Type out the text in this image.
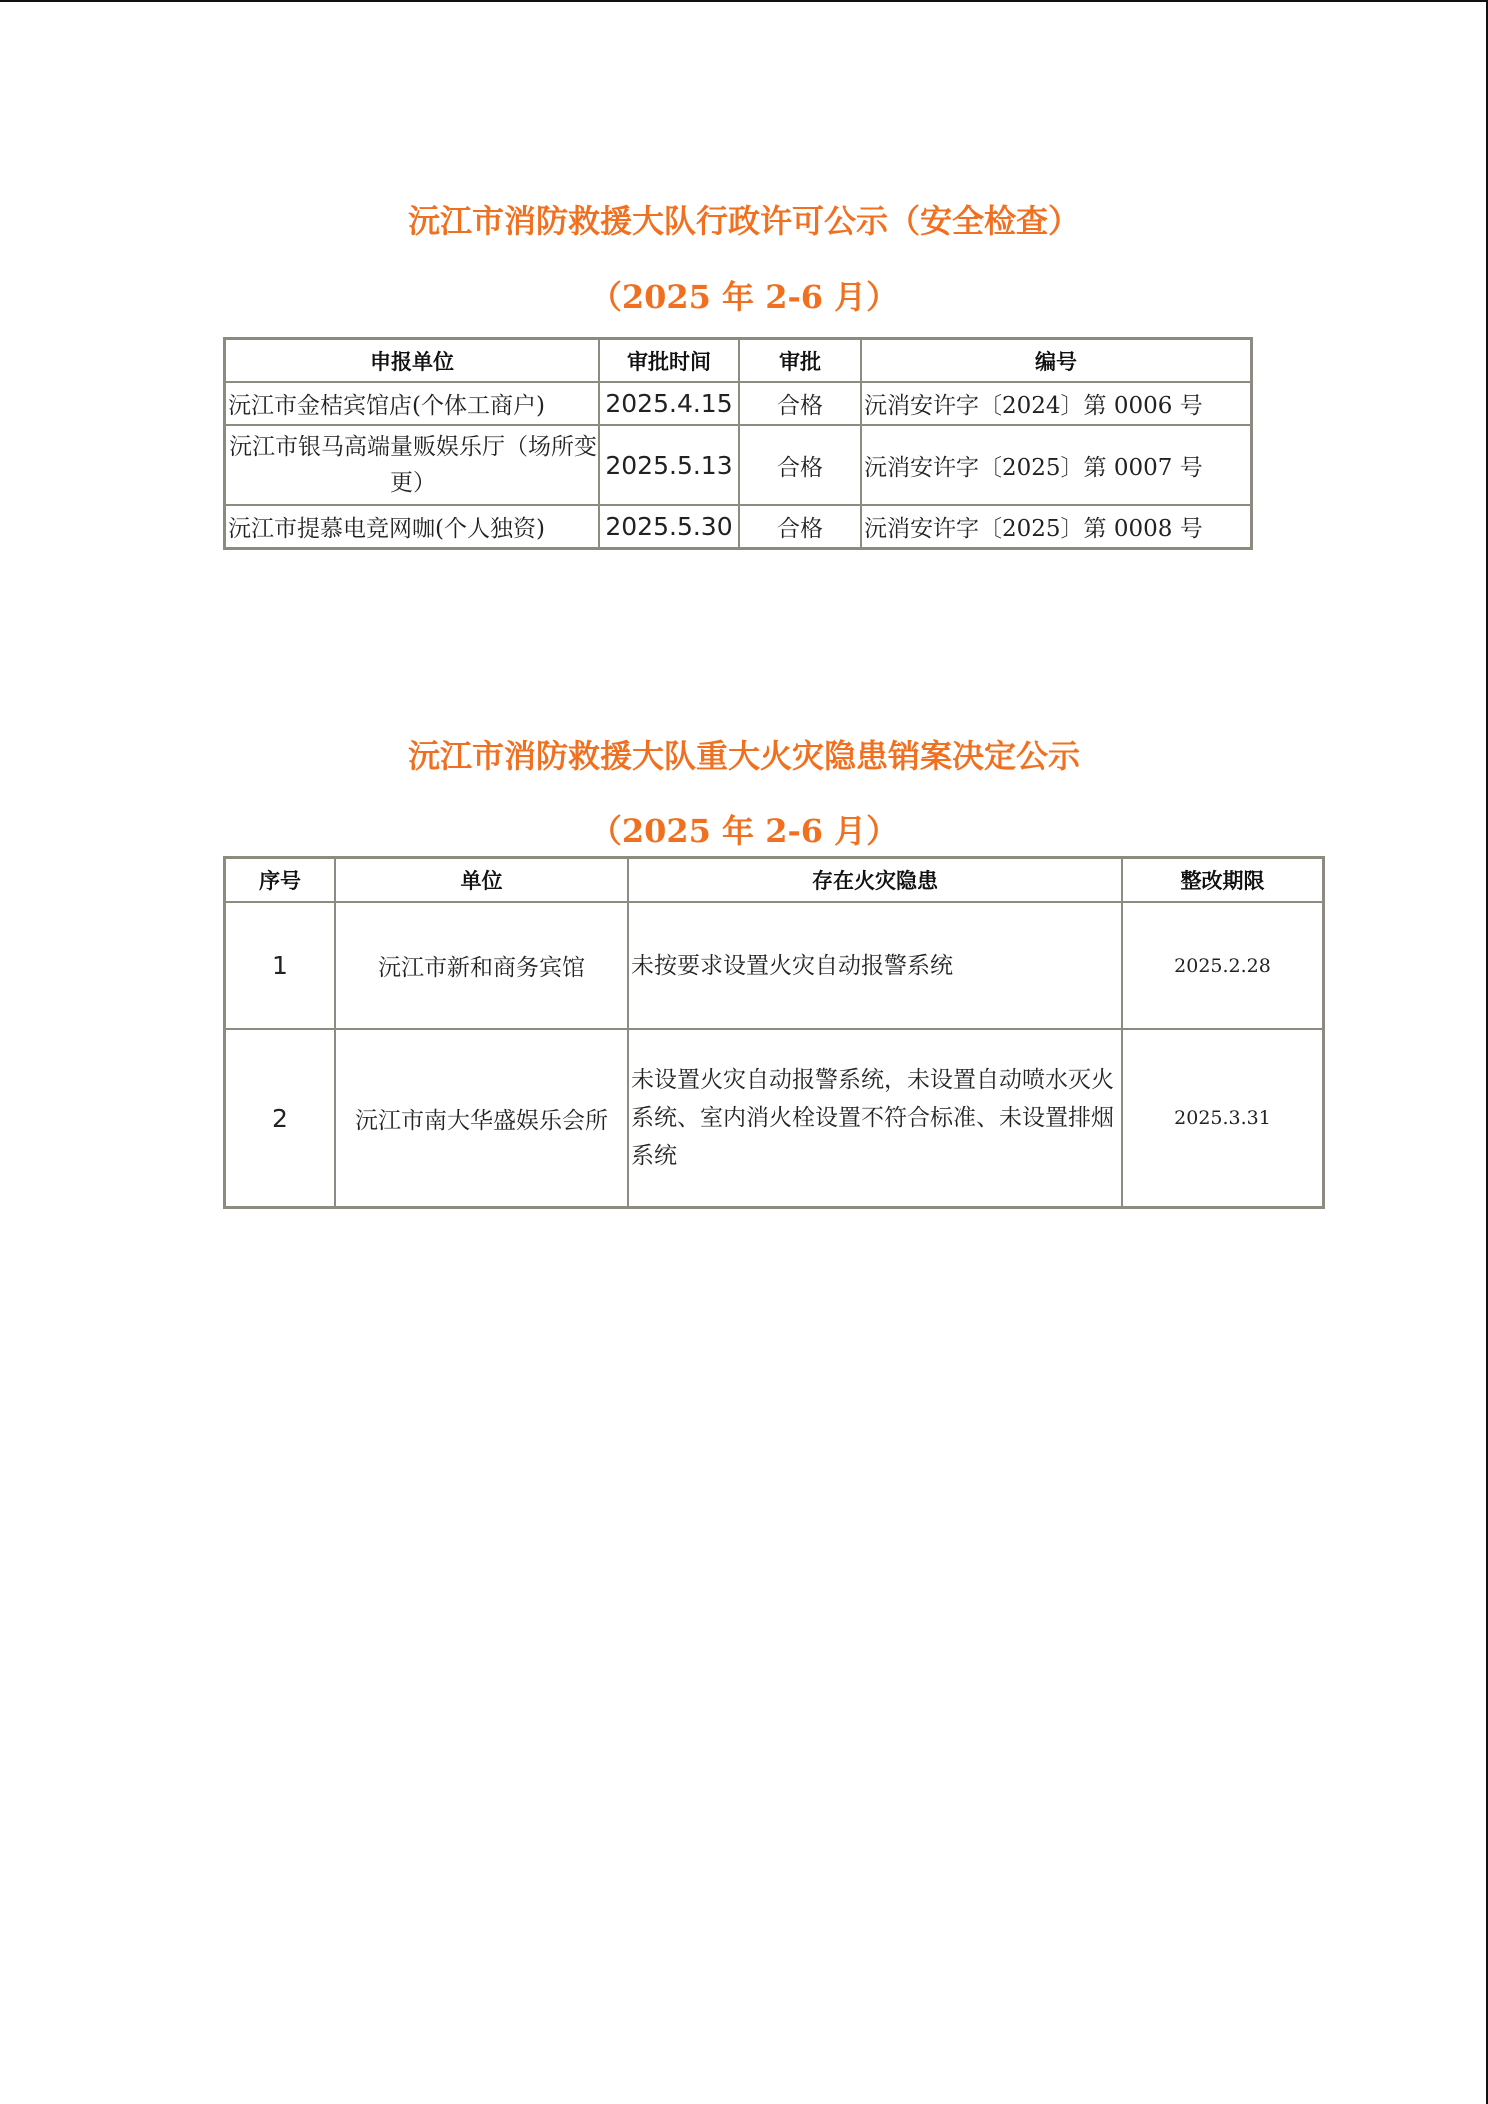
沅江市消防救援大队行政许可公示（安全检查）
（2025 年 2-6 月）
申报单位	审批时间	审批	编号
沅江市金桔宾馆店(个体工商户)	2025.4.15	合格	沅消安许字〔2024〕第 0006 号
沅江市银马高端量贩娱乐厅（场所变更）	2025.5.13	合格	沅消安许字〔2025〕第 0007 号
沅江市提慕电竞网咖(个人独资)	2025.5.30	合格	沅消安许字〔2025〕第 0008 号
沅江市消防救援大队重大火灾隐患销案决定公示
（2025 年 2-6 月）
序号	单位	存在火灾隐患	整改期限
1	沅江市新和商务宾馆	未按要求设置火灾自动报警系统	2025.2.28
2	沅江市南大华盛娱乐会所	未设置火灾自动报警系统，未设置自动喷水灭火系统、室内消火栓设置不符合标准、未设置排烟系统	2025.3.31
